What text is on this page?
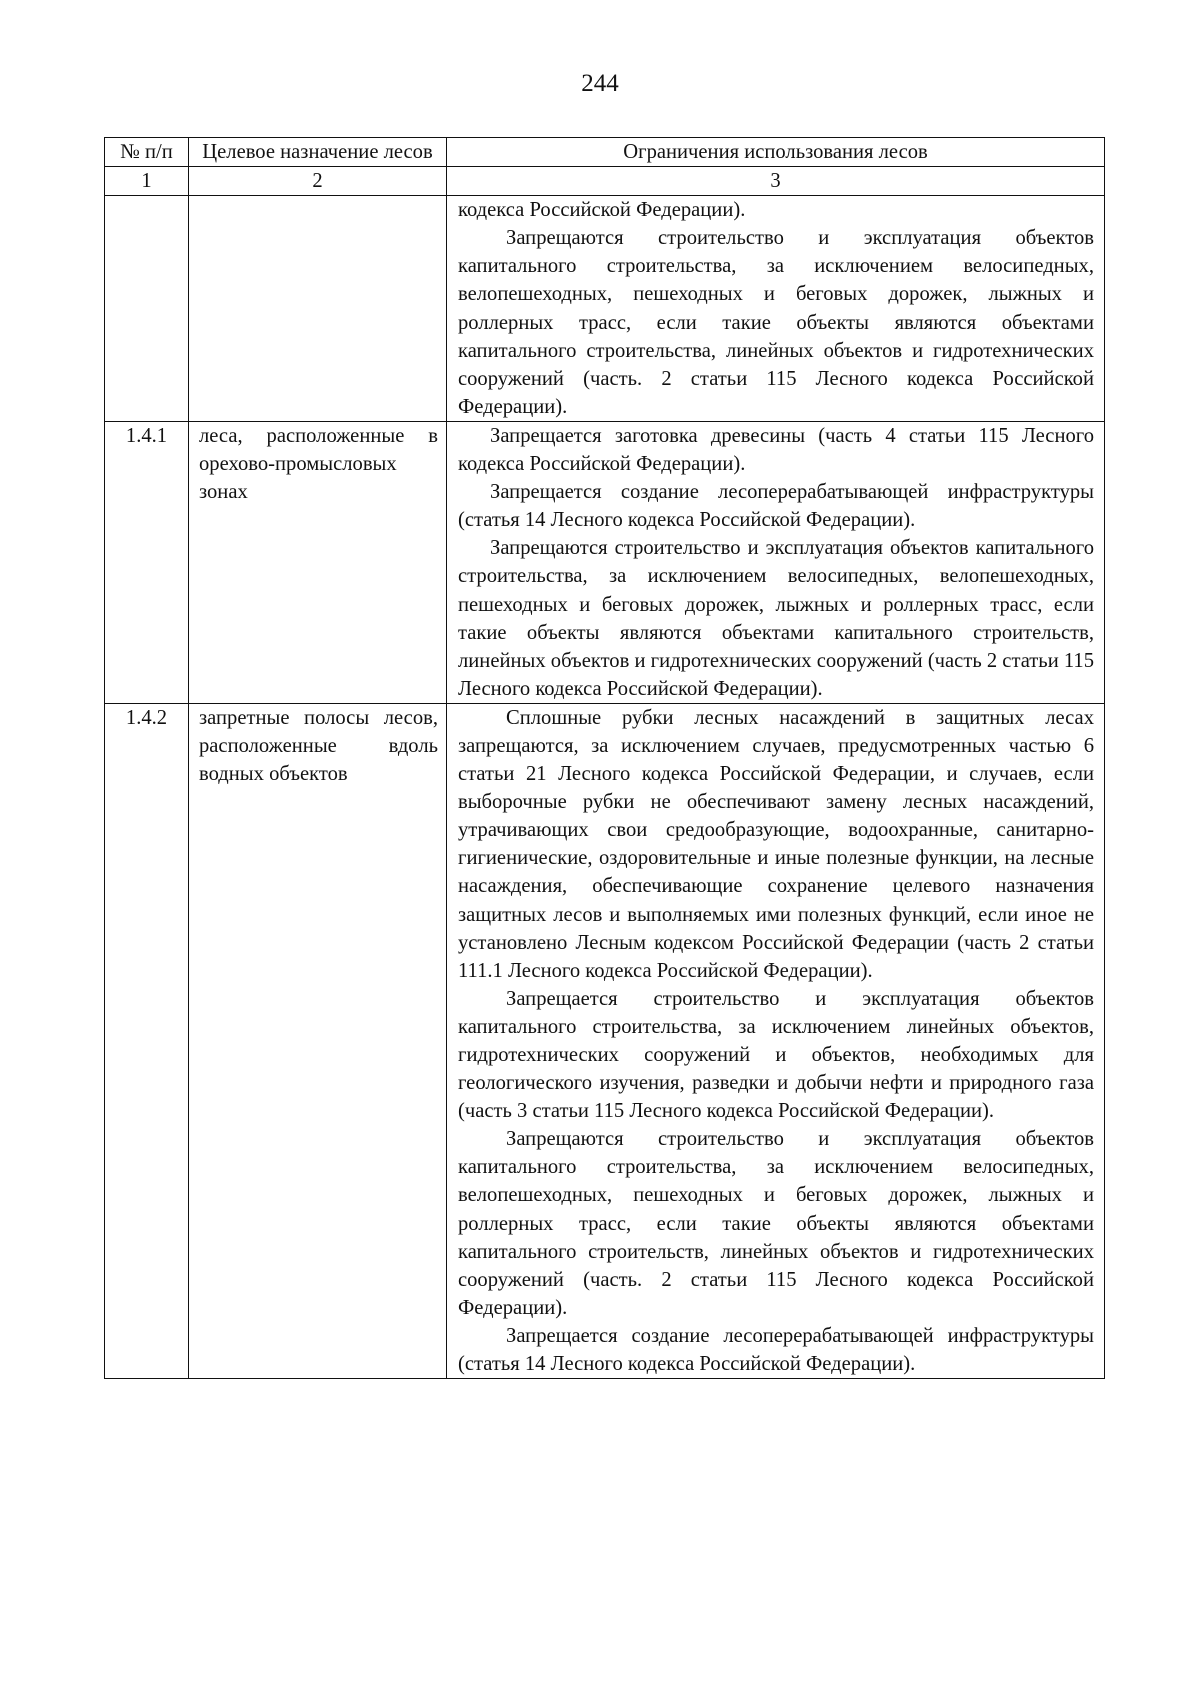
244
№ п/п	Целевое назначение лесов	Ограничения использования лесов
1	2	3

		кодекса Российской Федерации).

Запрещаются строительство и эксплуатация объектов капитального строительства, за исключением велосипедных, велопешеходных, пешеходных и беговых дорожек, лыжных и роллерных трасс, если такие объекты являются объектами капитального строительства, линейных объектов и гидротехнических сооружений (часть. 2 статьи 115 Лесного кодекса Российской Федерации).

1.4.1	леса, расположенные в орехово-промысловых зонах	Запрещается заготовка древесины (часть 4 статьи 115 Лесного кодекса Российской Федерации).

Запрещается создание лесоперерабатывающей инфраструктуры (статья 14 Лесного кодекса Российской Федерации).

Запрещаются строительство и эксплуатация объектов капитального строительства, за исключением велосипедных, велопешеходных, пешеходных и беговых дорожек, лыжных и роллерных трасс, если такие объекты являются объектами капитального строительств, линейных объектов и гидротехнических сооружений (часть 2 статьи 115 Лесного кодекса Российской Федерации).

1.4.2	запретные полосы лесов, расположенные вдоль водных объектов	Сплошные рубки лесных насаждений в защитных лесах запрещаются, за исключением случаев, предусмотренных частью 6 статьи 21 Лесного кодекса Российской Федерации, и случаев, если выборочные рубки не обеспечивают замену лесных насаждений, утрачивающих свои средообразующие, водоохранные, санитарно-гигиенические, оздоровительные и иные полезные функции, на лесные насаждения, обеспечивающие сохранение целевого назначения защитных лесов и выполняемых ими полезных функций, если иное не установлено Лесным кодексом Российской Федерации (часть 2 статьи 111.1 Лесного кодекса Российской Федерации).

Запрещается строительство и эксплуатация объектов капитального строительства, за исключением линейных объектов, гидротехнических сооружений и объектов, необходимых для геологического изучения, разведки и добычи нефти и природного газа (часть 3 статьи 115 Лесного кодекса Российской Федерации).

Запрещаются строительство и эксплуатация объектов капитального строительства, за исключением велосипедных, велопешеходных, пешеходных и беговых дорожек, лыжных и роллерных трасс, если такие объекты являются объектами капитального строительств, линейных объектов и гидротехнических сооружений (часть. 2 статьи 115 Лесного кодекса Российской Федерации).

Запрещается создание лесоперерабатывающей инфраструктуры (статья 14 Лесного кодекса Российской Федерации).
